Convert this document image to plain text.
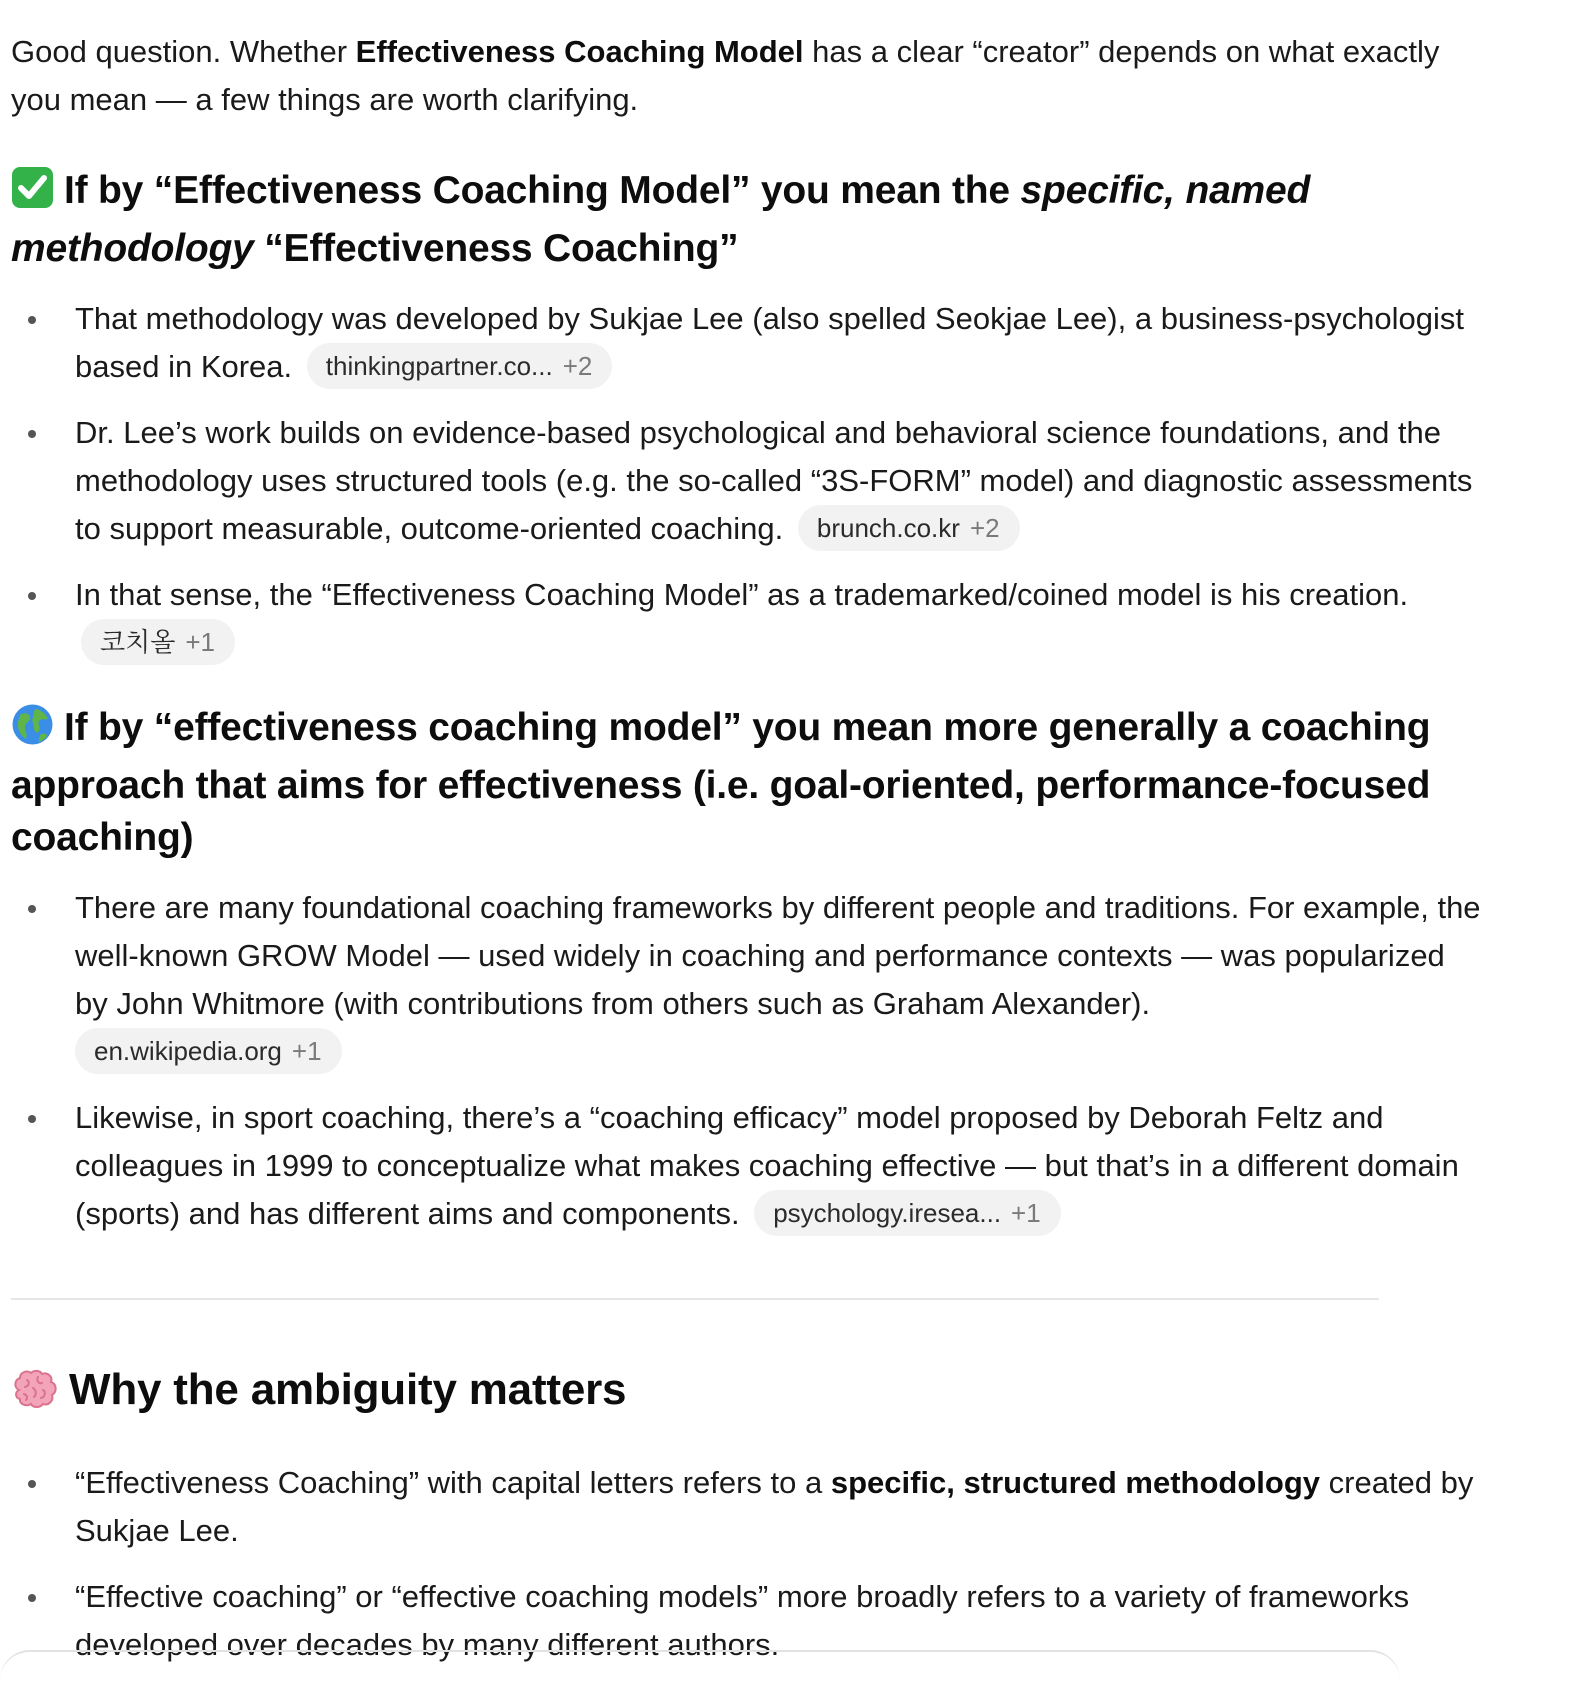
Good question. Whether Effectiveness Coaching Model has a clear “creator” depends on what exactly you mean — a few things are worth clarifying.

If by “Effectiveness Coaching Model” you mean the specific, named methodology “Effectiveness Coaching”
That methodology was developed by Sukjae Lee (also spelled Seokjae Lee), a business-psychologist based in Korea. thinkingpartner.co... +2
Dr. Lee’s work builds on evidence-based psychological and behavioral science foundations, and the methodology uses structured tools (e.g. the so-called “3S-FORM” model) and diagnostic assessments to support measurable, outcome-oriented coaching. brunch.co.kr +2
In that sense, the “Effectiveness Coaching Model” as a trademarked/coined model is his creation. 코치올 +1
If by “effectiveness coaching model” you mean more generally a coaching approach that aims for effectiveness (i.e. goal-oriented, performance-focused coaching)
There are many foundational coaching frameworks by different people and traditions. For example, the well-known GROW Model — used widely in coaching and performance contexts — was popularized by John Whitmore (with contributions from others such as Graham Alexander).
en.wikipedia.org +1
Likewise, in sport coaching, there’s a “coaching efficacy” model proposed by Deborah Feltz and colleagues in 1999 to conceptualize what makes coaching effective — but that’s in a different domain (sports) and has different aims and components. psychology.iresea... +1
Why the ambiguity matters
“Effectiveness Coaching” with capital letters refers to a specific, structured methodology created by Sukjae Lee.
“Effective coaching” or “effective coaching models” more broadly refers to a variety of frameworks developed over decades by many different authors.
